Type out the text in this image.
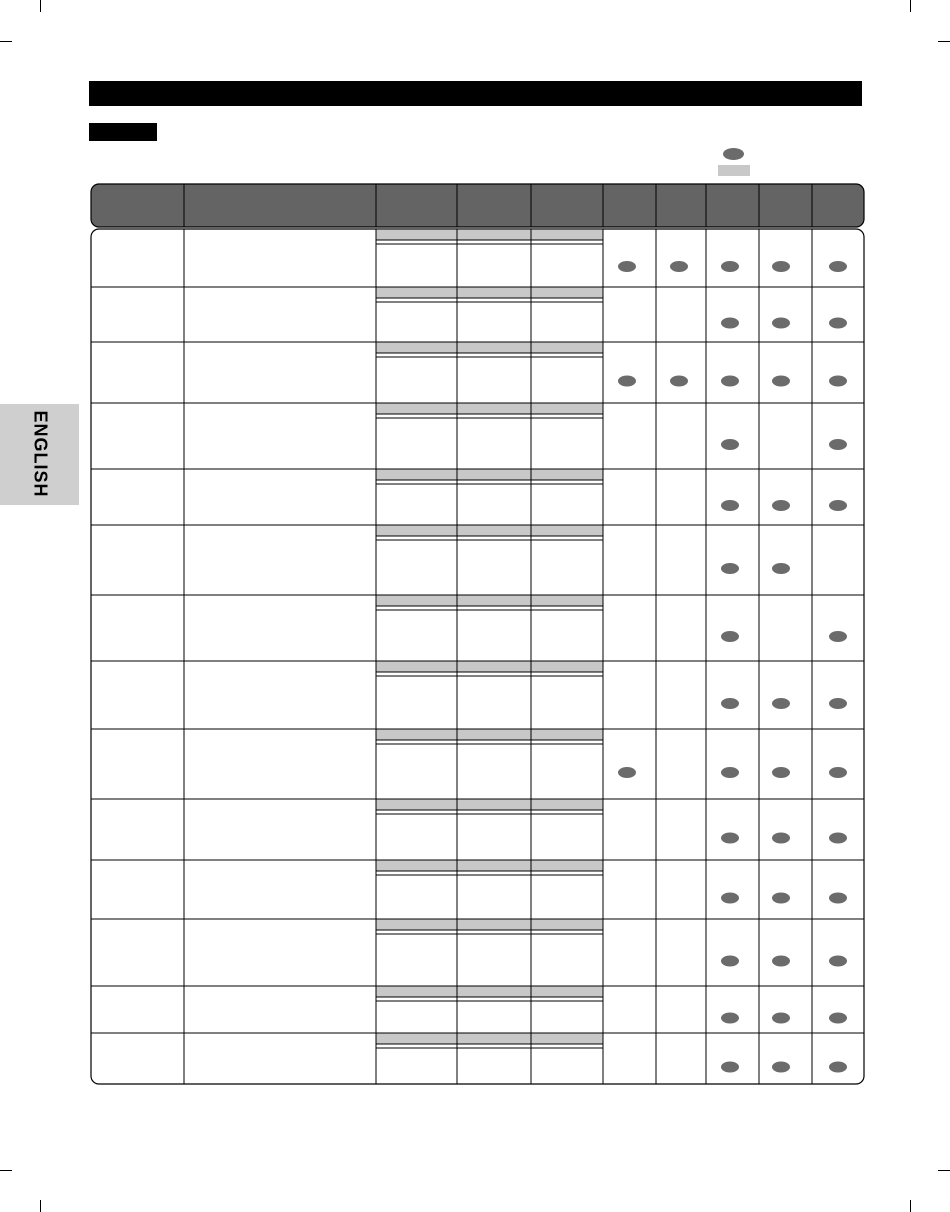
ENGLISH
